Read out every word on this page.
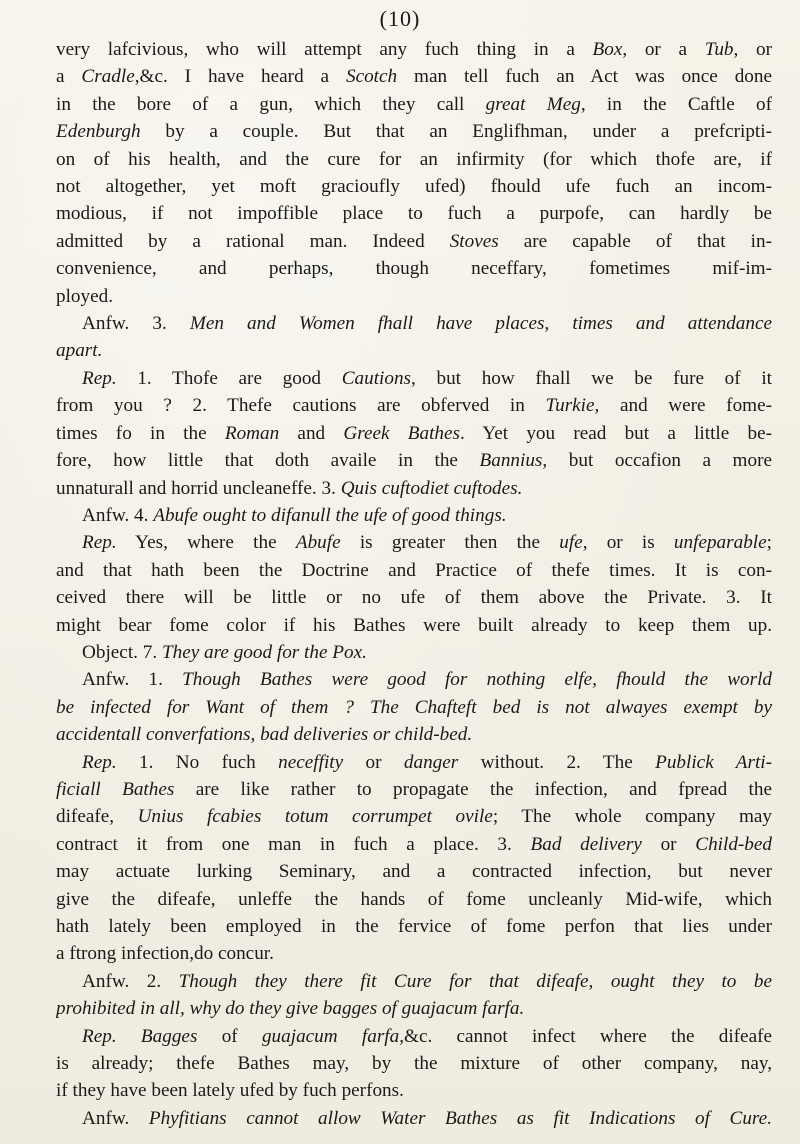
(10)
very lafcivious, who will attempt any fuch thing in a Box, or a Tub, or
a Cradle,&c. I have heard a Scotch man tell fuch an Act was once done
in the bore of a gun, which they call great Meg, in the Caftle of
Edenburgh by a couple. But that an Englifhman, under a prefcripti-
on of his health, and the cure for an infirmity (for which thofe are, if
not altogether, yet moft gracioufly ufed) fhould ufe fuch an incom-
modious, if not impoffible place to fuch a purpofe, can hardly be
admitted by a rational man. Indeed Stoves are capable of that in-
convenience, and perhaps, though neceffary, fometimes mif-im-
ployed.
Anfw. 3. Men and Women fhall have places, times and attendance
apart.
Rep. 1. Thofe are good Cautions, but how fhall we be fure of it
from you ? 2. Thefe cautions are obferved in Turkie, and were fome-
times fo in the Roman and Greek Bathes. Yet you read but a little be-
fore, how little that doth availe in the Bannius, but occafion a more
unnaturall and horrid uncleaneffe. 3. Quis cuftodiet cuftodes.
Anfw. 4. Abufe ought to difanull the ufe of good things.
Rep. Yes, where the Abufe is greater then the ufe, or is unfeparable;
and that hath been the Doctrine and Practice of thefe times. It is con-
ceived there will be little or no ufe of them above the Private. 3. It
might bear fome color if his Bathes were built already to keep them up.
Object. 7. They are good for the Pox.
Anfw. 1. Though Bathes were good for nothing elfe, fhould the world
be infected for Want of them ? The Chafteft bed is not alwayes exempt by
accidentall converfations, bad deliveries or child-bed.
Rep. 1. No fuch neceffity or danger without. 2. The Publick Arti-
ficiall Bathes are like rather to propagate the infection, and fpread the
difeafe, Unius fcabies totum corrumpet ovile; The whole company may
contract it from one man in fuch a place. 3. Bad delivery or Child-bed
may actuate lurking Seminary, and a contracted infection, but never
give the difeafe, unleffe the hands of fome uncleanly Mid-wife, which
hath lately been employed in the fervice of fome perfon that lies under
a ftrong infection,do concur.
Anfw. 2. Though they there fit Cure for that difeafe, ought they to be
prohibited in all, why do they give bagges of guajacum farfa.
Rep. Bagges of guajacum farfa,&c. cannot infect where the difeafe
is already; thefe Bathes may, by the mixture of other company, nay,
if they have been lately ufed by fuch perfons.
Anfw. Phyfitians cannot allow Water Bathes as fit Indications of Cure.
